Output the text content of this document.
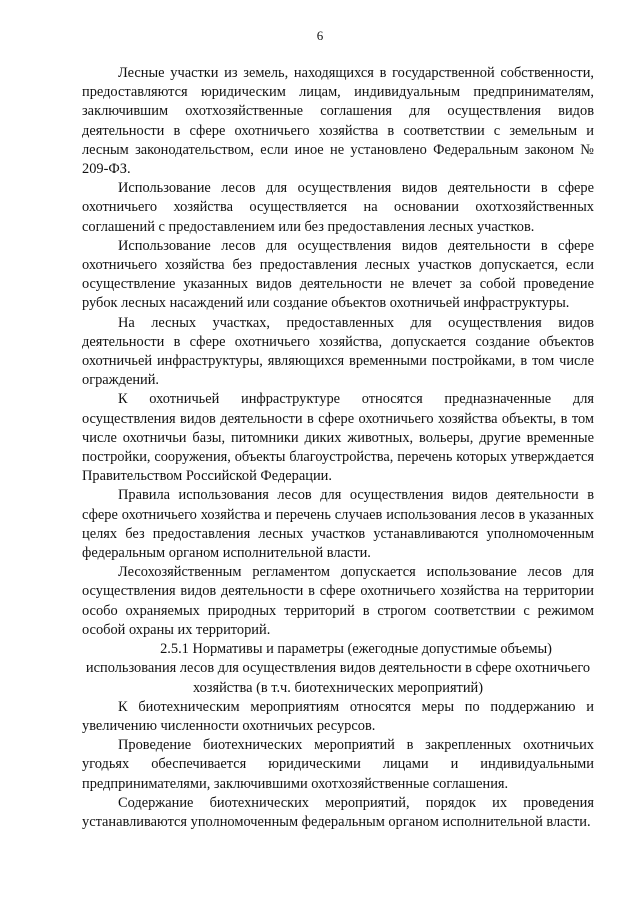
6

Лесные участки из земель, находящихся в государственной собственности, предоставляются юридическим лицам, индивидуальным предпринимателям, заключившим охотхозяйственные соглашения для осуществления видов деятельности в сфере охотничьего хозяйства в соответствии с земельным и лесным законодательством, если иное не установлено Федеральным законом № 209-ФЗ.

Использование лесов для осуществления видов деятельности в сфере охотничьего хозяйства осуществляется на основании охотхозяйственных соглашений с предоставлением или без предоставления лесных участков.

Использование лесов для осуществления видов деятельности в сфере охотничьего хозяйства без предоставления лесных участков допускается, если осуществление указанных видов деятельности не влечет за собой проведение рубок лесных насаждений или создание объектов охотничьей инфраструктуры.

На лесных участках, предоставленных для осуществления видов деятельности в сфере охотничьего хозяйства, допускается создание объектов охотничьей инфраструктуры, являющихся временными постройками, в том числе ограждений.

К охотничьей инфраструктуре относятся предназначенные для осуществления видов деятельности в сфере охотничьего хозяйства объекты, в том числе охотничьи базы, питомники диких животных, вольеры, другие временные постройки, сооружения, объекты благоустройства, перечень которых утверждается Правительством Российской Федерации.

Правила использования лесов для осуществления видов деятельности в сфере охотничьего хозяйства и перечень случаев использования лесов в указанных целях без предоставления лесных участков устанавливаются уполномоченным федеральным органом исполнительной власти.

Лесохозяйственным регламентом допускается использование лесов для осуществления видов деятельности в сфере охотничьего хозяйства на территории особо охраняемых природных территорий в строгом соответствии с режимом особой охраны их территорий.

2.5.1 Нормативы и параметры (ежегодные допустимые объемы) использования лесов для осуществления видов деятельности в сфере охотничьего хозяйства (в т.ч. биотехнических мероприятий)

К биотехническим мероприятиям относятся меры по поддержанию и увеличению численности охотничьих ресурсов.

Проведение биотехнических мероприятий в закрепленных охотничьих угодьях обеспечивается юридическими лицами и индивидуальными предпринимателями, заключившими охотхозяйственные соглашения.

Содержание биотехнических мероприятий, порядок их проведения устанавливаются уполномоченным федеральным органом исполнительной власти.
